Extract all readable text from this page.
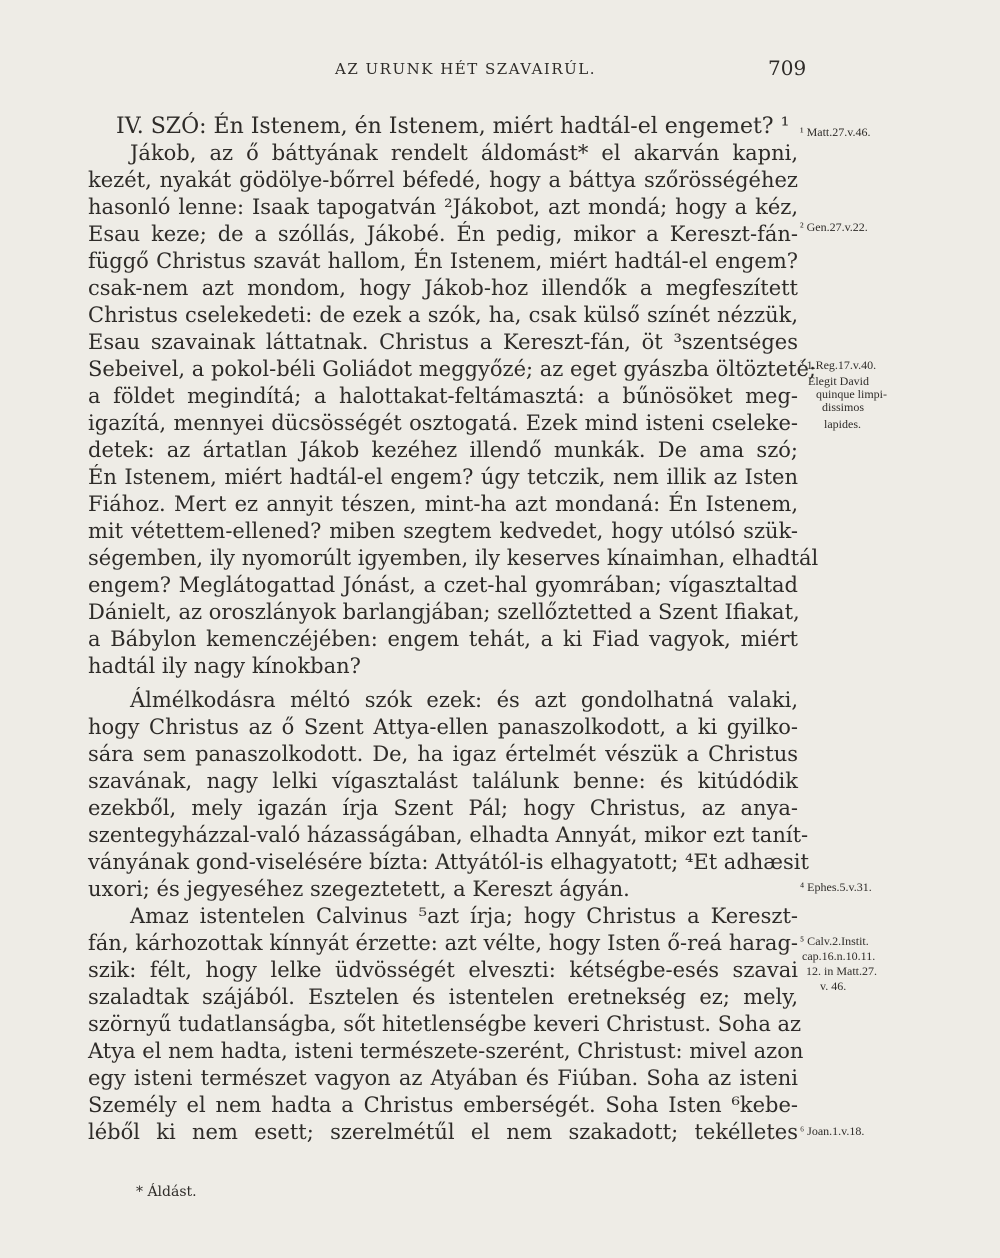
AZ URUNK HÉT SZAVAIRÚL.	709
IV. SZÓ: Én Istenem, én Istenem, miért hadtál-el engemet? ¹
Jákob, az ő báttyának rendelt áldomást* el akarván kapni,
kezét, nyakát gödölye-bőrrel béfedé, hogy a báttya szőrösségéhez
hasonló lenne: Isaak tapogatván ²Jákobot, azt mondá; hogy a kéz,
Esau keze; de a szóllás, Jákobé. Én pedig, mikor a Kereszt-fán-
függő Christus szavát hallom, Én Istenem, miért hadtál-el engem?
csak-nem azt mondom, hogy Jákob-hoz illendők a megfeszített
Christus cselekedeti: de ezek a szók, ha, csak külső színét nézzük,
Esau szavainak láttatnak. Christus a Kereszt-fán, öt ³szentséges
Sebeivel, a pokol-béli Goliádot meggyőzé; az eget gyászba öltözteté;
a földet megindítá; a halottakat-feltámasztá: a bűnösöket meg-
igazítá, mennyei dücsösségét osztogatá. Ezek mind isteni cseleke-
detek: az ártatlan Jákob kezéhez illendő munkák. De ama szó;
Én Istenem, miért hadtál-el engem? úgy tetczik, nem illik az Isten
Fiához. Mert ez annyit tészen, mint-ha azt mondaná: Én Istenem,
mit vétettem-ellened? miben szegtem kedvedet, hogy utólsó szük-
ségemben, ily nyomorúlt igyemben, ily keserves kínaimhan, elhadtál
engem? Meglátogattad Jónást, a czet-hal gyomrában; vígasztaltad
Dánielt, az oroszlányok barlangjában; szellőztetted a Szent Ifiakat,
a Bábylon kemenczéjében: engem tehát, a ki Fiad vagyok, miért
hadtál ily nagy kínokban?
Álmélkodásra méltó szók ezek: és azt gondolhatná valaki,
hogy Christus az ő Szent Attya-ellen panaszolkodott, a ki gyilko-
sára sem panaszolkodott. De, ha igaz értelmét vészük a Christus
szavának, nagy lelki vígasztalást találunk benne: és kitúdódik
ezekből, mely igazán írja Szent Pál; hogy Christus, az anya-
szentegyházzal-való házasságában, elhadta Annyát, mikor ezt tanít-
ványának gond-viselésére bízta: Attyától-is elhagyatott; ⁴Et adhæsit
uxori; és jegyeséhez szegeztetett, a Kereszt ágyán.
Amaz istentelen Calvinus ⁵azt írja; hogy Christus a Kereszt-
fán, kárhozottak kínnyát érzette: azt vélte, hogy Isten ő-reá harag-
szik: félt, hogy lelke üdvösségét elveszti: kétségbe-esés szavai
szaladtak szájából. Esztelen és istentelen eretnekség ez; mely,
szörnyű tudatlanságba, sőt hitetlenségbe keveri Christust. Soha az
Atya el nem hadta, isteni természete-szerént, Christust: mivel azon
egy isteni természet vagyon az Atyában és Fiúban. Soha az isteni
Személy el nem hadta a Christus emberségét. Soha Isten ⁶kebe-
léből ki nem esett; szerelmétűl el nem szakadott; tekélletes
¹ Matt.27.v.46.
² Gen.27.v.22.
³ 1.Reg.17.v.40.
Elegit David
quinque limpi-
dissimos
lapides.
⁴ Ephes.5.v.31.
⁵ Calv.2.Instit.
cap.16.n.10.11.
12. in Matt.27.
v. 46.
⁶ Joan.1.v.18.
* Áldást.
